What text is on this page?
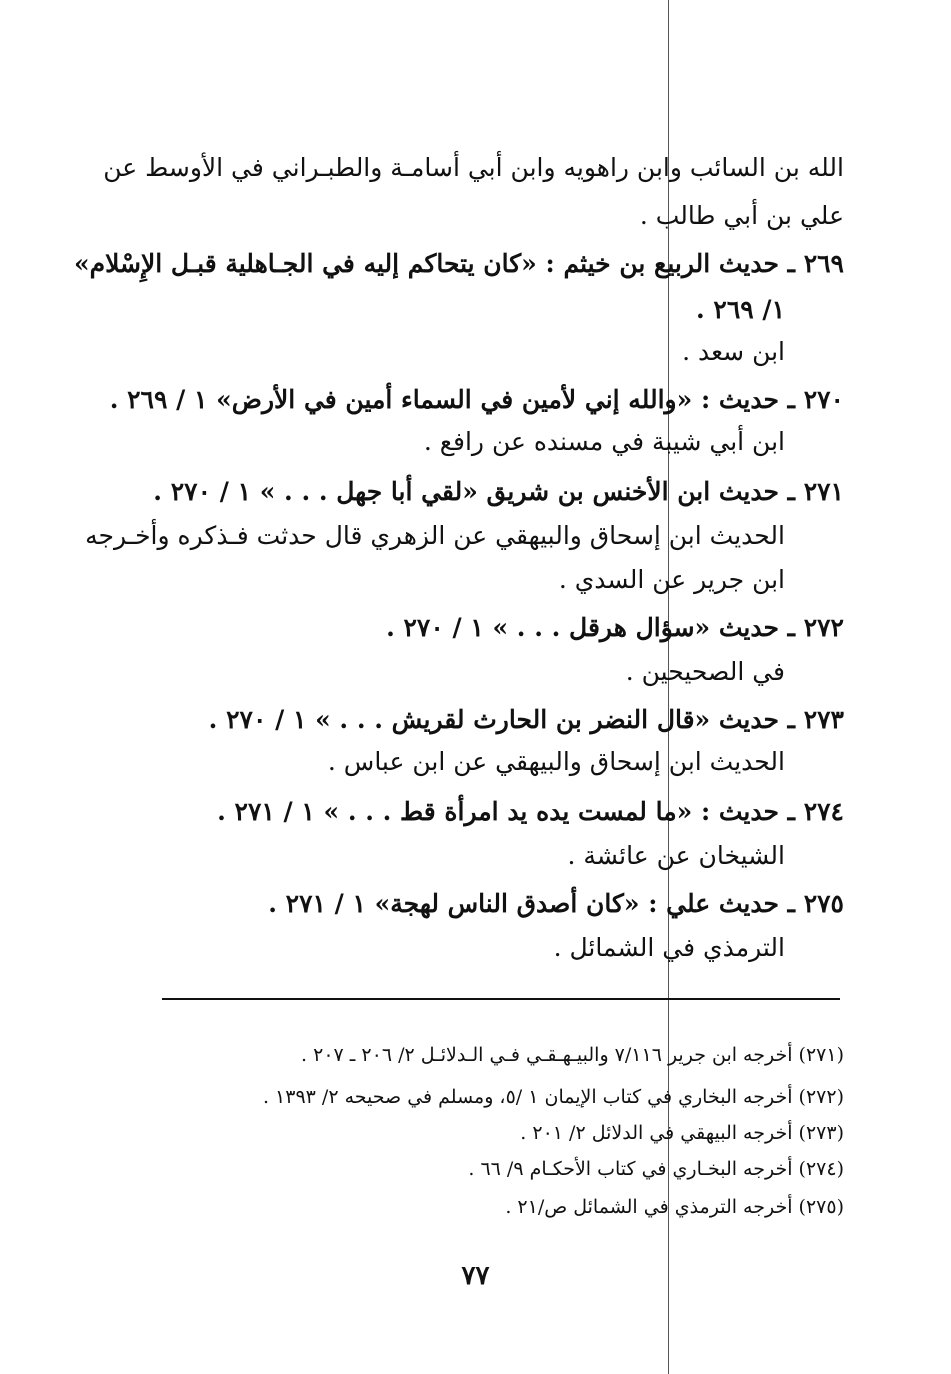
الله بن السائب وابن راهويه وابن أبي أسامـة والطبـراني في الأوسط عن
علي بن أبي طالب .
٢٦٩ ـ حديث الربيع بن خيثم : «كان يتحاكم إليه في الجـاهلية قبـل الإِسْلام»
١/ ٢٦٩ .
ابن سعد .
٢٧٠ ـ حديث : «والله إني لأمين في السماء أمين في الأرض» ١ / ٢٦٩ .
ابن أبي شيبة في مسنده عن رافع .
٢٧١ ـ حديث ابن الأخنس بن شريق «لقي أبا جهل . . . » ١ / ٢٧٠ .
الحديث ابن إسحاق والبيهقي عن الزهري قال حدثت فـذكره وأخـرجه
ابن جرير عن السدي .
٢٧٢ ـ حديث «سؤال هرقل . . . » ١ / ٢٧٠ .
في الصحيحين .
٢٧٣ ـ حديث «قال النضر بن الحارث لقريش . . . » ١ / ٢٧٠ .
الحديث ابن إسحاق والبيهقي عن ابن عباس .
٢٧٤ ـ حديث : «ما لمست يده يد امرأة قط . . . » ١ / ٢٧١ .
الشيخان عن عائشة .
٢٧٥ ـ حديث علي : «كان أصدق الناس لهجة» ١ / ٢٧١ .
الترمذي في الشمائل .
(٢٧١) أخرجه ابن جرير ٧/١١٦ والبيـهـقـي فـي الـدلائـل ٢/ ٢٠٦ ـ ٢٠٧ .
(٢٧٢) أخرجه البخاري في كتاب الإيمان ١ /٥، ومسلم في صحيحه ٢/ ١٣٩٣ .
(٢٧٣) أخرجه البيهقي في الدلائل ٢/ ٢٠١ .
(٢٧٤) أخرجه البخـاري في كتاب الأحكـام ٩/ ٦٦ .
(٢٧٥) أخرجه الترمذي في الشمائل ص/٢١ .
٧٧
